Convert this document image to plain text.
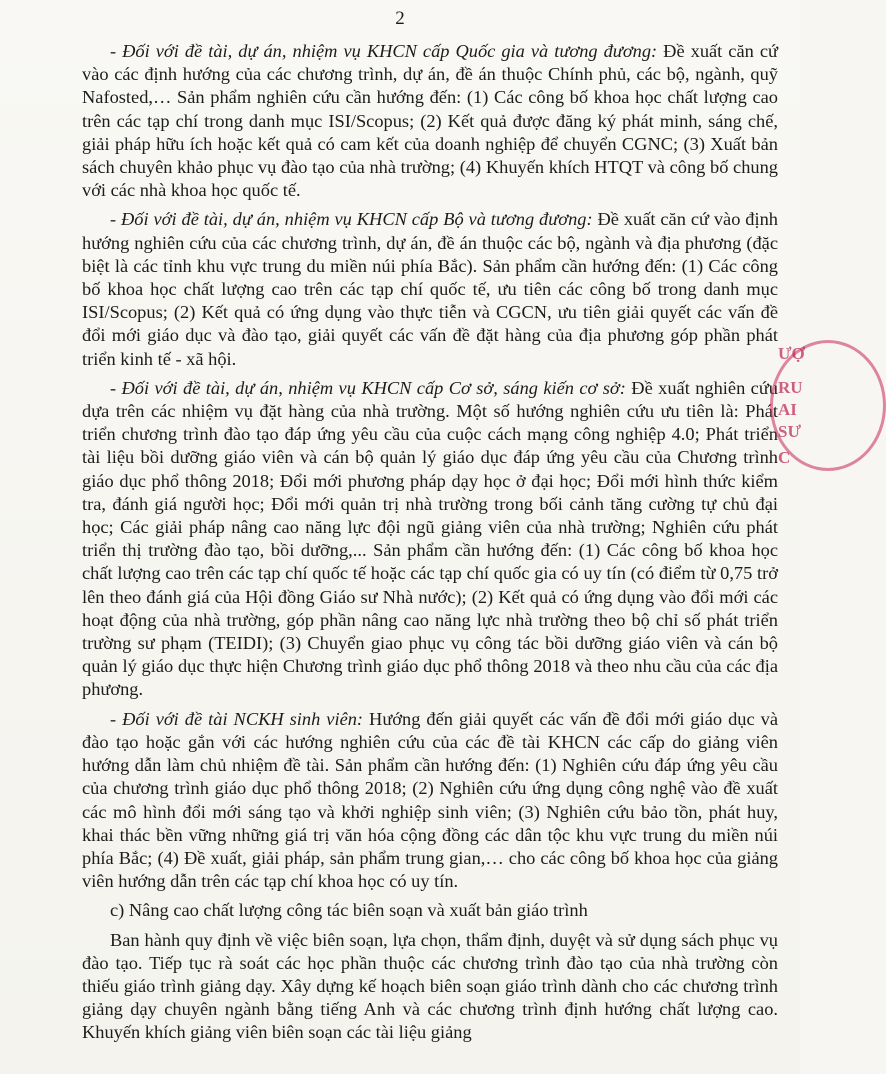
2

- Đối với đề tài, dự án, nhiệm vụ KHCN cấp Quốc gia và tương đương: Đề xuất căn cứ vào các định hướng của các chương trình, dự án, đề án thuộc Chính phủ, các bộ, ngành, quỹ Nafosted,… Sản phẩm nghiên cứu cần hướng đến: (1) Các công bố khoa học chất lượng cao trên các tạp chí trong danh mục ISI/Scopus; (2) Kết quả được đăng ký phát minh, sáng chế, giải pháp hữu ích hoặc kết quả có cam kết của doanh nghiệp để chuyển CGNC; (3) Xuất bản sách chuyên khảo phục vụ đào tạo của nhà trường; (4) Khuyến khích HTQT và công bố chung với các nhà khoa học quốc tế.

- Đối với đề tài, dự án, nhiệm vụ KHCN cấp Bộ và tương đương: Đề xuất căn cứ vào định hướng nghiên cứu của các chương trình, dự án, đề án thuộc các bộ, ngành và địa phương (đặc biệt là các tỉnh khu vực trung du miền núi phía Bắc). Sản phẩm cần hướng đến: (1) Các công bố khoa học chất lượng cao trên các tạp chí quốc tế, ưu tiên các công bố trong danh mục ISI/Scopus; (2) Kết quả có ứng dụng vào thực tiễn và CGCN, ưu tiên giải quyết các vấn đề đổi mới giáo dục và đào tạo, giải quyết các vấn đề đặt hàng của địa phương góp phần phát triển kinh tế - xã hội.

- Đối với đề tài, dự án, nhiệm vụ KHCN cấp Cơ sở, sáng kiến cơ sở: Đề xuất nghiên cứu dựa trên các nhiệm vụ đặt hàng của nhà trường. Một số hướng nghiên cứu ưu tiên là: Phát triển chương trình đào tạo đáp ứng yêu cầu của cuộc cách mạng công nghiệp 4.0; Phát triển tài liệu bồi dưỡng giáo viên và cán bộ quản lý giáo dục đáp ứng yêu cầu của Chương trình giáo dục phổ thông 2018; Đổi mới phương pháp dạy học ở đại học; Đổi mới hình thức kiểm tra, đánh giá người học; Đổi mới quản trị nhà trường trong bối cảnh tăng cường tự chủ đại học; Các giải pháp nâng cao năng lực đội ngũ giảng viên của nhà trường; Nghiên cứu phát triển thị trường đào tạo, bồi dưỡng,... Sản phẩm cần hướng đến: (1) Các công bố khoa học chất lượng cao trên các tạp chí quốc tế hoặc các tạp chí quốc gia có uy tín (có điểm từ 0,75 trở lên theo đánh giá của Hội đồng Giáo sư Nhà nước); (2) Kết quả có ứng dụng vào đổi mới các hoạt động của nhà trường, góp phần nâng cao năng lực nhà trường theo bộ chỉ số phát triển trường sư phạm (TEIDI); (3) Chuyển giao phục vụ công tác bồi dưỡng giáo viên và cán bộ quản lý giáo dục thực hiện Chương trình giáo dục phổ thông 2018 và theo nhu cầu của các địa phương.

- Đối với đề tài NCKH sinh viên: Hướng đến giải quyết các vấn đề đổi mới giáo dục và đào tạo hoặc gắn với các hướng nghiên cứu của các đề tài KHCN các cấp do giảng viên hướng dẫn làm chủ nhiệm đề tài. Sản phẩm cần hướng đến: (1) Nghiên cứu đáp ứng yêu cầu của chương trình giáo dục phổ thông 2018; (2) Nghiên cứu ứng dụng công nghệ vào đề xuất các mô hình đổi mới sáng tạo và khởi nghiệp sinh viên; (3) Nghiên cứu bảo tồn, phát huy, khai thác bền vững những giá trị văn hóa cộng đồng các dân tộc khu vực trung du miền núi phía Bắc; (4) Đề xuất, giải pháp, sản phẩm trung gian,… cho các công bố khoa học của giảng viên hướng dẫn trên các tạp chí khoa học có uy tín.

c) Nâng cao chất lượng công tác biên soạn và xuất bản giáo trình

Ban hành quy định về việc biên soạn, lựa chọn, thẩm định, duyệt và sử dụng sách phục vụ đào tạo. Tiếp tục rà soát các học phần thuộc các chương trình đào tạo của nhà trường còn thiếu giáo trình giảng dạy. Xây dựng kế hoạch biên soạn giáo trình dành cho các chương trình giảng dạy chuyên ngành bằng tiếng Anh và các chương trình định hướng chất lượng cao. Khuyến khích giảng viên biên soạn các tài liệu giảng

ƯỢ
RU
AI
SƯ
C
